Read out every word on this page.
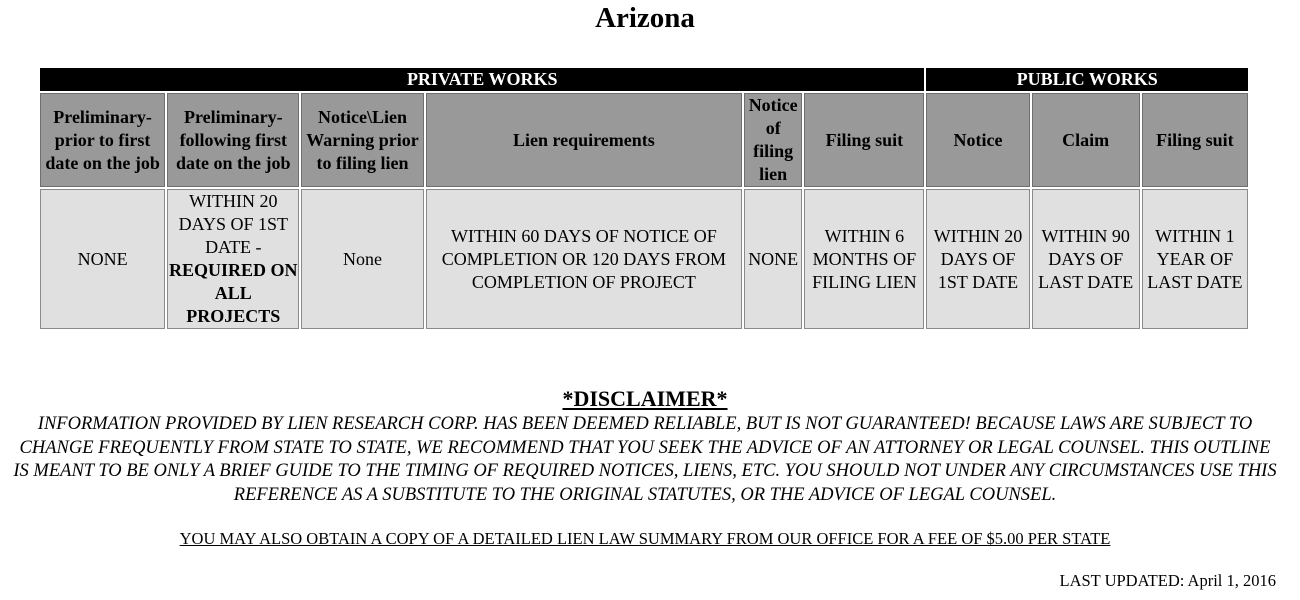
Arizona
PRIVATE WORKS						PUBLIC WORKS		
Preliminary-prior to first date on the job	Preliminary-following first date on the job	Notice\Lien Warning prior to filing lien	Lien requirements	Notice of filing lien	Filing suit	Notice	Claim	Filing suit
NONE	WITHIN 20 DAYS OF 1ST DATE - REQUIRED ON ALL PROJECTS	None	WITHIN 60 DAYS OF NOTICE OF COMPLETION OR 120 DAYS FROM COMPLETION OF PROJECT	NONE	WITHIN 6 MONTHS OF FILING LIEN	WITHIN 20 DAYS OF 1ST DATE	WITHIN 90 DAYS OF LAST DATE	WITHIN 1 YEAR OF LAST DATE
*DISCLAIMER*
INFORMATION PROVIDED BY LIEN RESEARCH CORP. HAS BEEN DEEMED RELIABLE, BUT IS NOT GUARANTEED! BECAUSE LAWS ARE SUBJECT TO CHANGE FREQUENTLY FROM STATE TO STATE, WE RECOMMEND THAT YOU SEEK THE ADVICE OF AN ATTORNEY OR LEGAL COUNSEL. THIS OUTLINE IS MEANT TO BE ONLY A BRIEF GUIDE TO THE TIMING OF REQUIRED NOTICES, LIENS, ETC. YOU SHOULD NOT UNDER ANY CIRCUMSTANCES USE THIS REFERENCE AS A SUBSTITUTE TO THE ORIGINAL STATUTES, OR THE ADVICE OF LEGAL COUNSEL.
YOU MAY ALSO OBTAIN A COPY OF A DETAILED LIEN LAW SUMMARY FROM OUR OFFICE FOR A FEE OF $5.00 PER STATE
LAST UPDATED: April 1, 2016
